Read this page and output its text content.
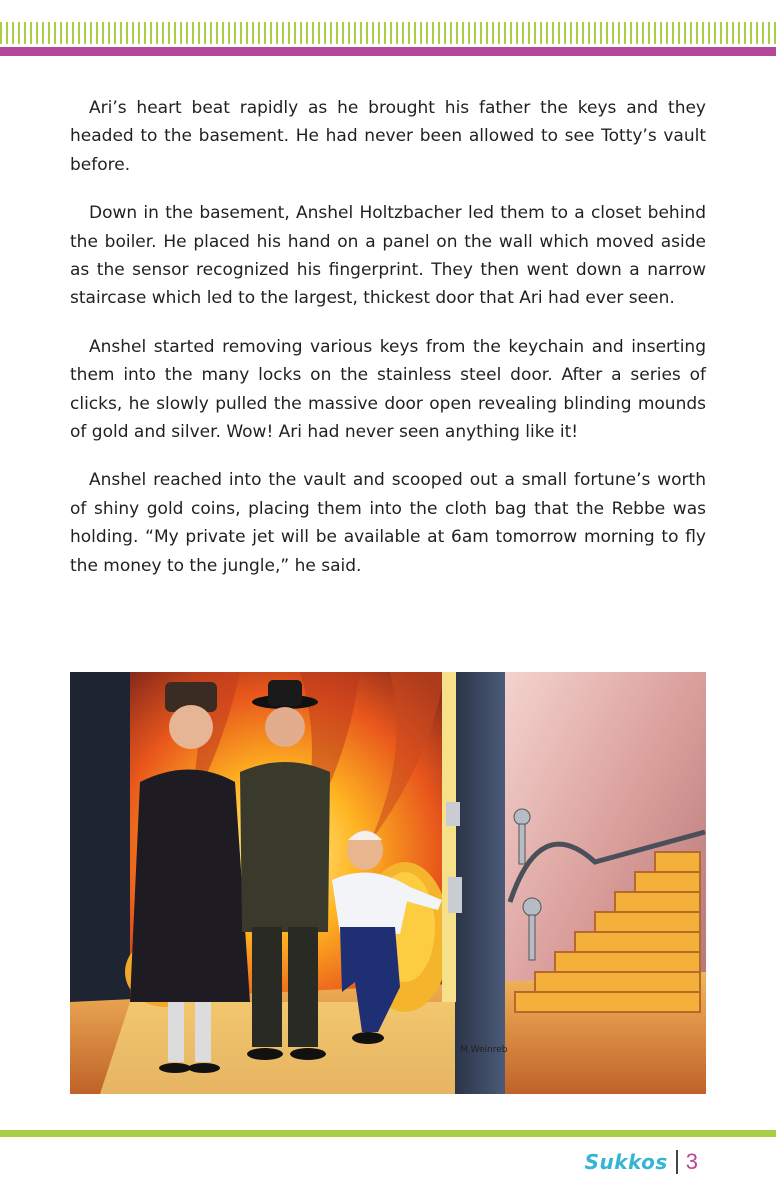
Ari’s heart beat rapidly as he brought his father the keys and they headed to the basement. He had never been allowed to see Totty’s vault before.

Down in the basement, Anshel Holtzbacher led them to a closet behind the boiler. He placed his hand on a panel on the wall which moved aside as the sensor recognized his fingerprint. They then went down a narrow staircase which led to the largest, thickest door that Ari had ever seen.

Anshel started removing various keys from the keychain and inserting them into the many locks on the stainless steel door. After a series of clicks, he slowly pulled the massive door open revealing blinding mounds of gold and silver. Wow! Ari had never seen anything like it!

Anshel reached into the vault and scooped out a small fortune’s worth of shiny gold coins, placing them into the cloth bag that the Rebbe was holding. “My private jet will be available at 6am tomorrow morning to fly the money to the jungle,” he said.

M.Weinreb
Sukkos 3
